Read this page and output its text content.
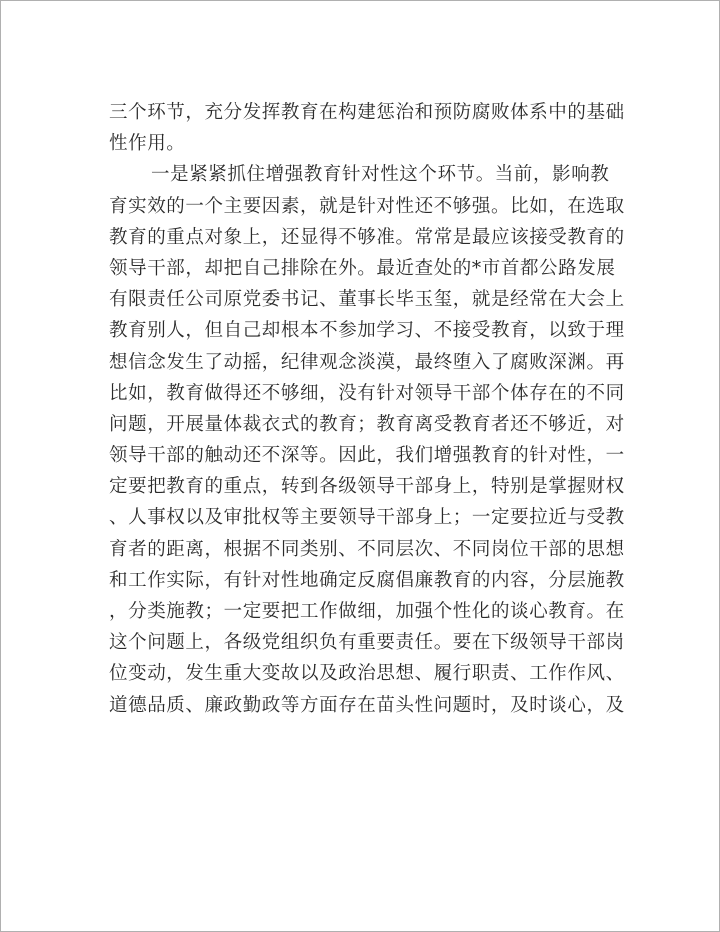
三个环节，充分发挥教育在构建惩治和预防腐败体系中的基础
性作用。
一是紧紧抓住增强教育针对性这个环节。当前，影响教
育实效的一个主要因素，就是针对性还不够强。比如，在选取
教育的重点对象上，还显得不够准。常常是最应该接受教育的
领导干部，却把自己排除在外。最近查处的*市首都公路发展
有限责任公司原党委书记、董事长毕玉玺，就是经常在大会上
教育别人，但自己却根本不参加学习、不接受教育，以致于理
想信念发生了动摇，纪律观念淡漠，最终堕入了腐败深渊。再
比如，教育做得还不够细，没有针对领导干部个体存在的不同
问题，开展量体裁衣式的教育；教育离受教育者还不够近，对
领导干部的触动还不深等。因此，我们增强教育的针对性，一
定要把教育的重点，转到各级领导干部身上，特别是掌握财权
、人事权以及审批权等主要领导干部身上；一定要拉近与受教
育者的距离，根据不同类别、不同层次、不同岗位干部的思想
和工作实际，有针对性地确定反腐倡廉教育的内容，分层施教
，分类施教；一定要把工作做细，加强个性化的谈心教育。在
这个问题上，各级党组织负有重要责任。要在下级领导干部岗
位变动，发生重大变故以及政治思想、履行职责、工作作风、
道德品质、廉政勤政等方面存在苗头性问题时，及时谈心，及
